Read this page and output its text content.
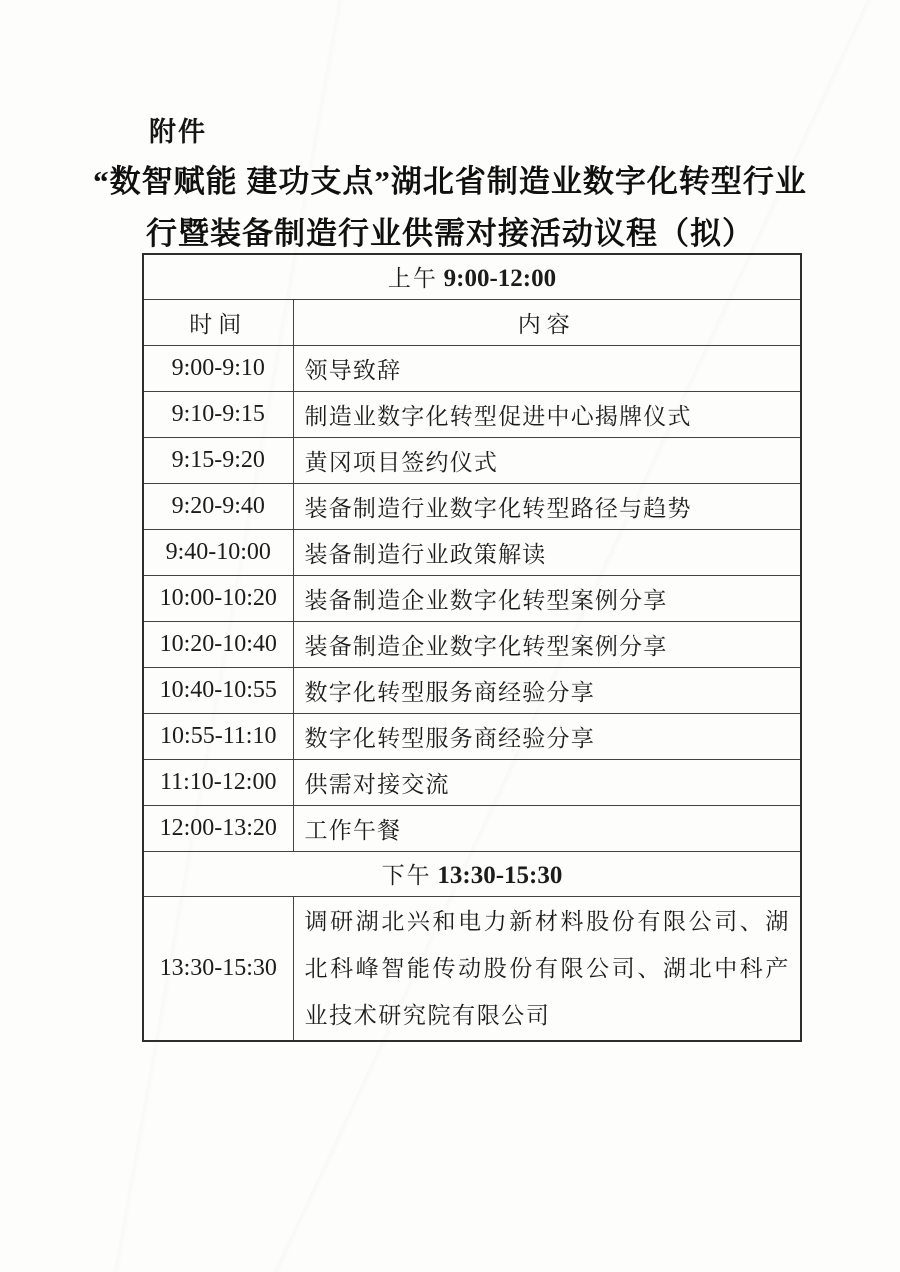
附件
“数智赋能 建功支点”湖北省制造业数字化转型行业
行暨装备制造行业供需对接活动议程（拟）
上午 9:00-12:00	
时间	内容
9:00-9:10	领导致辞
9:10-9:15	制造业数字化转型促进中心揭牌仪式
9:15-9:20	黄冈项目签约仪式
9:20-9:40	装备制造行业数字化转型路径与趋势
9:40-10:00	装备制造行业政策解读
10:00-10:20	装备制造企业数字化转型案例分享
10:20-10:40	装备制造企业数字化转型案例分享
10:40-10:55	数字化转型服务商经验分享
10:55-11:10	数字化转型服务商经验分享
11:10-12:00	供需对接交流
12:00-13:20	工作午餐
下午 13:30-15:30	
13:30-15:30	调研湖北兴和电力新材料股份有限公司、湖北科峰智能传动股份有限公司、湖北中科产业技术研究院有限公司
